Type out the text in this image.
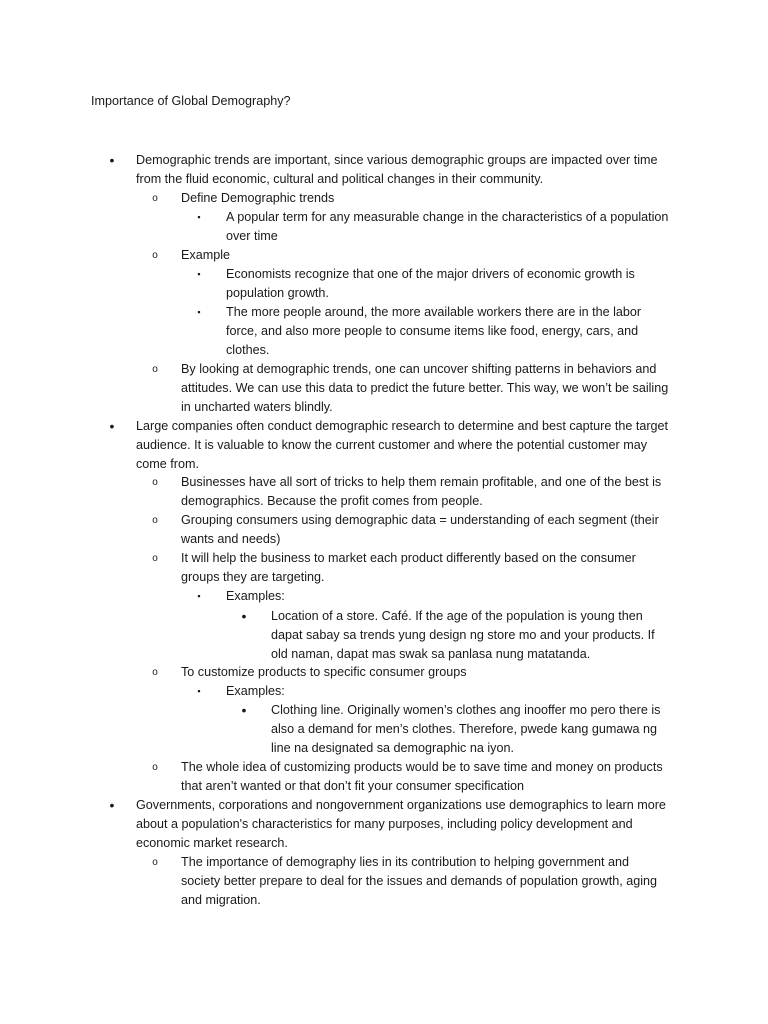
Importance of Global Demography?
• Demographic trends are important, since various demographic groups are impacted over time from the fluid economic, cultural and political changes in their community.

o Define Demographic trends

▪	A popular term for any measurable change in the characteristics of a population over time

o Example

▪	Economists recognize that one of the major drivers of economic growth is population growth.

▪	The more people around, the more available workers there are in the labor force, and also more people to consume items like food, energy, cars, and clothes.

o By looking at demographic trends, one can uncover shifting patterns in behaviors and attitudes. We can use this data to predict the future better. This way, we won’t be sailing in uncharted waters blindly.

• Large companies often conduct demographic research to determine and best capture the target audience. It is valuable to know the current customer and where the potential customer may come from.

o Businesses have all sort of tricks to help them remain profitable, and one of the best is demographics. Because the profit comes from people.

o Grouping consumers using demographic data = understanding of each segment (their wants and needs)

o It will help the business to market each product differently based on the consumer groups they are targeting.

▪	Examples:

• Location of a store. Café. If the age of the population is young then dapat sabay sa trends yung design ng store mo and your products. If old naman, dapat mas swak sa panlasa nung matatanda.

o To customize products to specific consumer groups

▪	Examples:

• Clothing line. Originally women’s clothes ang inooffer mo pero there is also a demand for men’s clothes. Therefore, pwede kang gumawa ng line na designated sa demographic na iyon.

o The whole idea of customizing products would be to save time and money on products that aren’t wanted or that don’t fit your consumer specification

• Governments, corporations and nongovernment organizations use demographics to learn more about a population's characteristics for many purposes, including policy development and economic market research.

o The importance of demography lies in its contribution to helping government and society better prepare to deal for the issues and demands of population growth, aging and migration.
